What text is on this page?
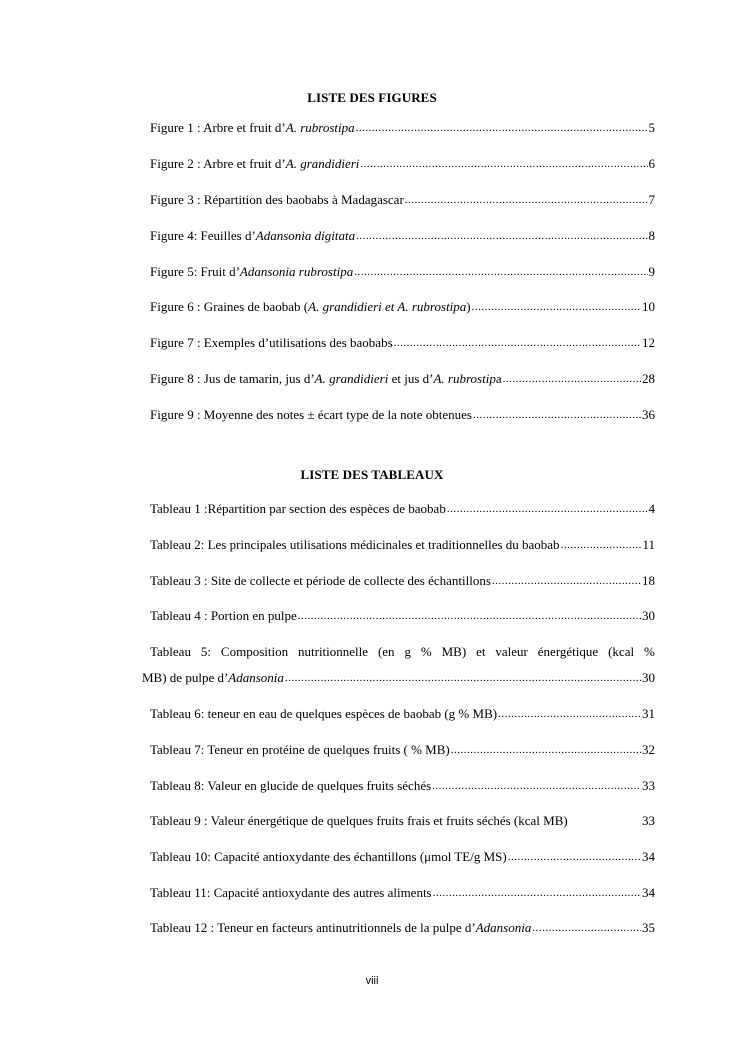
LISTE DES FIGURES
Figure 1 : Arbre et fruit d’A. rubrostipa .....	5
Figure 2 : Arbre et fruit d’A. grandidieri .....	6
Figure 3 : Répartition des baobabs à Madagascar .....	7
Figure 4: Feuilles d’Adansonia digitata .....	8
Figure 5: Fruit d’Adansonia rubrostipa .....	9
Figure 6 : Graines de baobab (A. grandidieri et A. rubrostipa) .....	10
Figure 7 : Exemples d’utilisations des baobabs .....	12
Figure 8 : Jus de tamarin, jus d’A. grandidieri et jus d’A. rubrostipa .....	28
Figure 9 : Moyenne des notes ± écart type de la note obtenues .....	36
LISTE DES TABLEAUX
Tableau 1 :Répartition par section des espèces de baobab .....	4
Tableau 2: Les principales utilisations médicinales et traditionnelles du baobab .....	11
Tableau 3 : Site de collecte et période de collecte des échantillons .....	18
Tableau 4 : Portion en pulpe .....	30
Tableau 5: Composition nutritionnelle (en g % MB) et valeur énergétique (kcal %
MB) de pulpe d’Adansonia .....	30
Tableau 6: teneur en eau de quelques espèces de baobab (g % MB) .....	31
Tableau 7: Teneur en protéine de quelques fruits ( % MB) .....	32
Tableau 8: Valeur en glucide de quelques fruits séchés .....	33
Tableau 9 : Valeur énergétique de quelques fruits frais et fruits séchés (kcal MB)	33
Tableau 10: Capacité antioxydante des échantillons (μmol TE/g MS) .....	34
Tableau 11: Capacité antioxydante des autres aliments .....	34
Tableau 12 : Teneur en facteurs antinutritionnels de la pulpe d’Adansonia .....	35
viii
